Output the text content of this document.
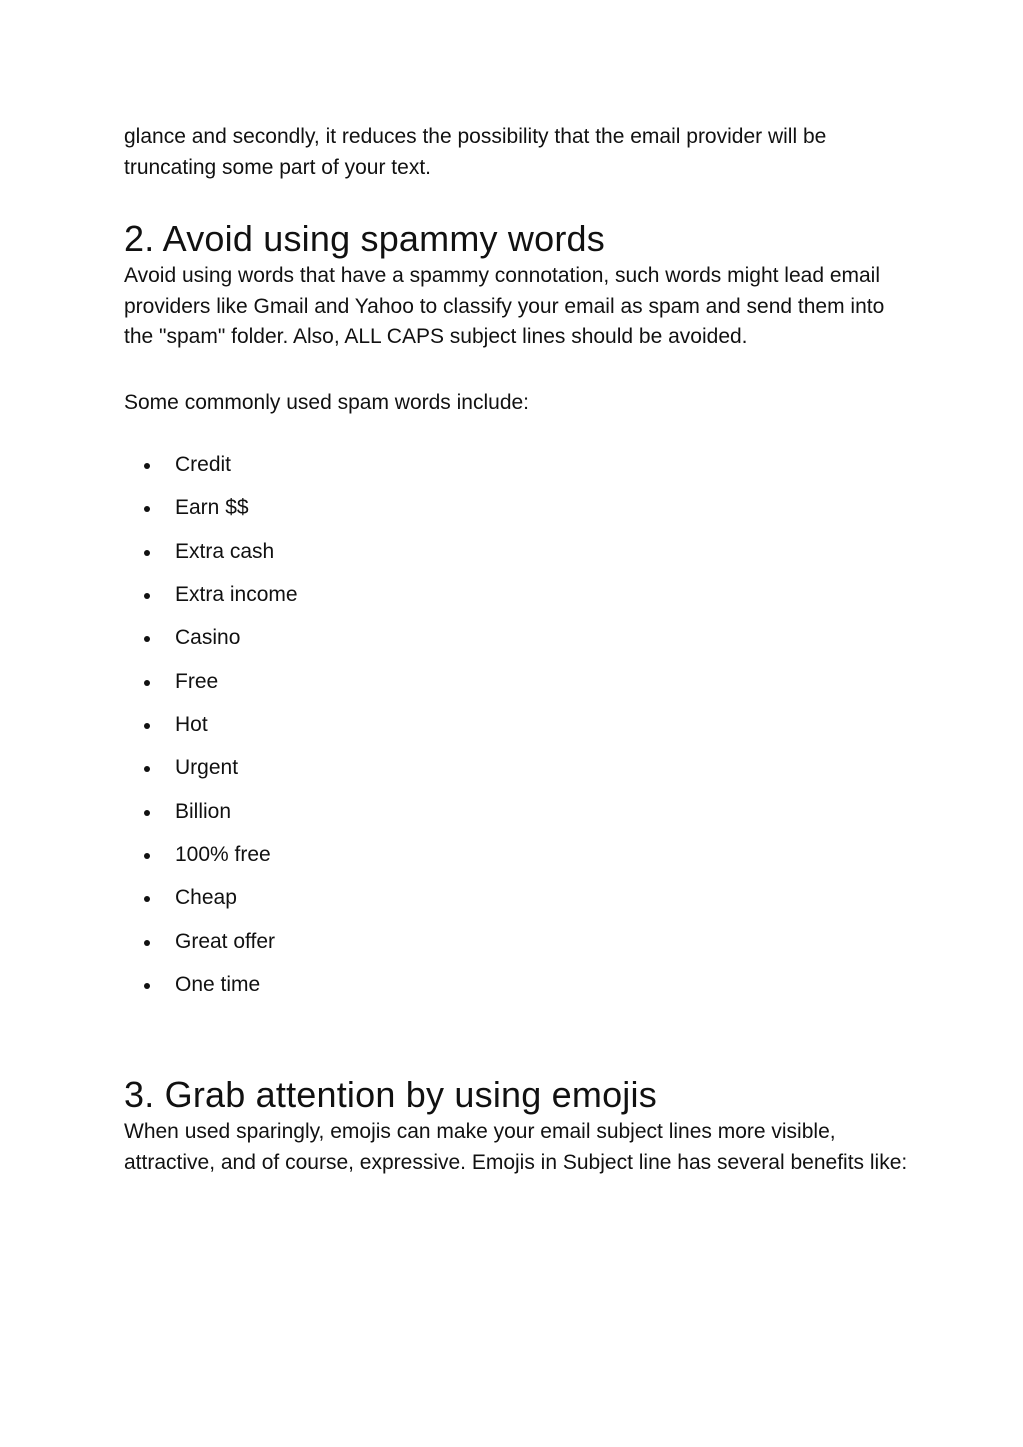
glance and secondly, it reduces the possibility that the email provider will be truncating some part of your text.

2. Avoid using spammy words

Avoid using words that have a spammy connotation, such words might lead email providers like Gmail and Yahoo to classify your email as spam and send them into the "spam" folder. Also, ALL CAPS subject lines should be avoided.

Some commonly used spam words include:

Credit
Earn $$
Extra cash
Extra income
Casino
Free
Hot
Urgent
Billion
100% free
Cheap
Great offer
One time
3. Grab attention by using emojis

When used sparingly, emojis can make your email subject lines more visible, attractive, and of course, expressive. Emojis in Subject line has several benefits like:
